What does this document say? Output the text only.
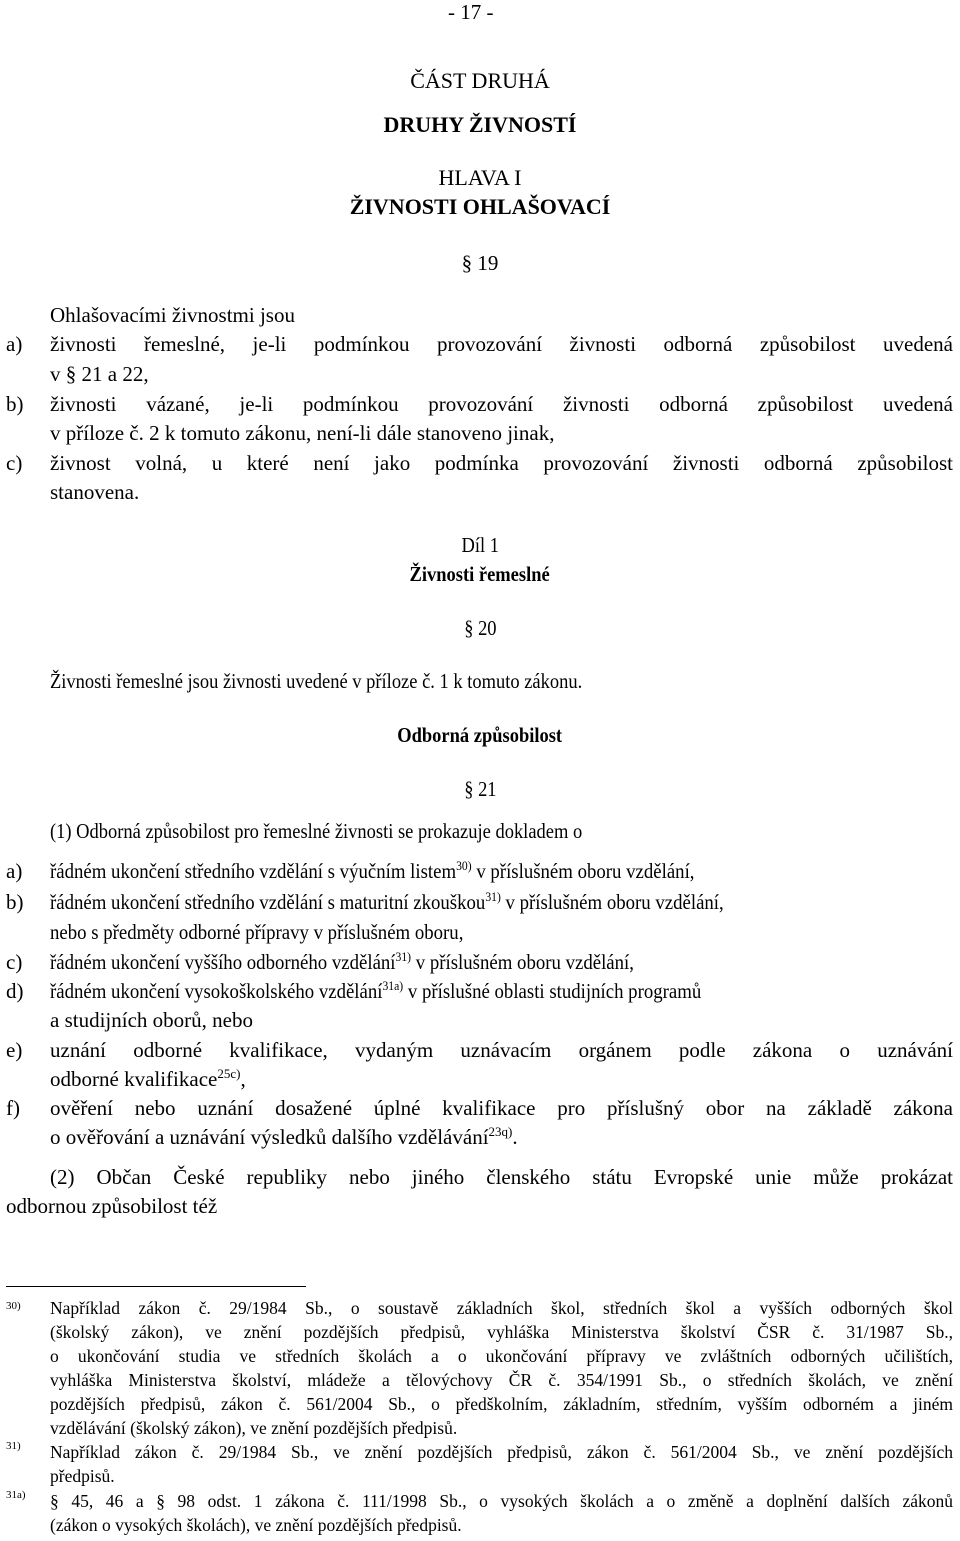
- 17 -
ČÁST DRUHÁ
DRUHY ŽIVNOSTÍ
HLAVA I
ŽIVNOSTI OHLAŠOVACÍ
§ 19
Ohlašovacími živnostmi jsou
a) živnosti řemeslné, je-li podmínkou provozování živnosti odborná způsobilost uvedená
v § 21 a 22,
b) živnosti vázané, je-li podmínkou provozování živnosti odborná způsobilost uvedená
v příloze č. 2 k tomuto zákonu, není-li dále stanoveno jinak,
c) živnost volná, u které není jako podmínka provozování živnosti odborná způsobilost
stanovena.
Díl 1
Živnosti řemeslné
§ 20
Živnosti řemeslné jsou živnosti uvedené v příloze č. 1 k tomuto zákonu.
Odborná způsobilost
§ 21
(1) Odborná způsobilost pro řemeslné živnosti se prokazuje dokladem o
a) řádném ukončení středního vzdělání s výučním listem$^{30)}$ v příslušném oboru vzdělání,
b) řádném ukončení středního vzdělání s maturitní zkouškou$^{31)}$ v příslušném oboru vzdělání,
nebo s předměty odborné přípravy v příslušném oboru,
c) řádném ukončení vyššího odborného vzdělání$^{31)}$ v příslušném oboru vzdělání,
d) řádném ukončení vysokoškolského vzdělání$^{31a)}$ v příslušné oblasti studijních programů
a studijních oborů, nebo
e) uznání odborné kvalifikace, vydaným uznávacím orgánem podle zákona o uznávání
odborné kvalifikace$^{25c)}$,
f) ověření nebo uznání dosažené úplné kvalifikace pro příslušný obor na základě zákona
o ověřování a uznávání výsledků dalšího vzdělávání$^{23q)}$.
(2) Občan České republiky nebo jiného členského státu Evropské unie může prokázat
odbornou způsobilost též
30) Například zákon č. 29/1984 Sb., o soustavě základních škol, středních škol a vyšších odborných škol
(školský zákon), ve znění pozdějších předpisů, vyhláška Ministerstva školství ČSR č. 31/1987 Sb.,
o ukončování studia ve středních školách a o ukončování přípravy ve zvláštních odborných učilištích,
vyhláška Ministerstva školství, mládeže a tělovýchovy ČR č. 354/1991 Sb., o středních školách, ve znění
pozdějších předpisů, zákon č. 561/2004 Sb., o předškolním, základním, středním, vyšším odborném a jiném
vzdělávání (školský zákon), ve znění pozdějších předpisů.
31) Například zákon č. 29/1984 Sb., ve znění pozdějších předpisů, zákon č. 561/2004 Sb., ve znění pozdějších
předpisů.
31a) § 45, 46 a § 98 odst. 1 zákona č. 111/1998 Sb., o vysokých školách a o změně a doplnění dalších zákonů
(zákon o vysokých školách), ve znění pozdějších předpisů.
